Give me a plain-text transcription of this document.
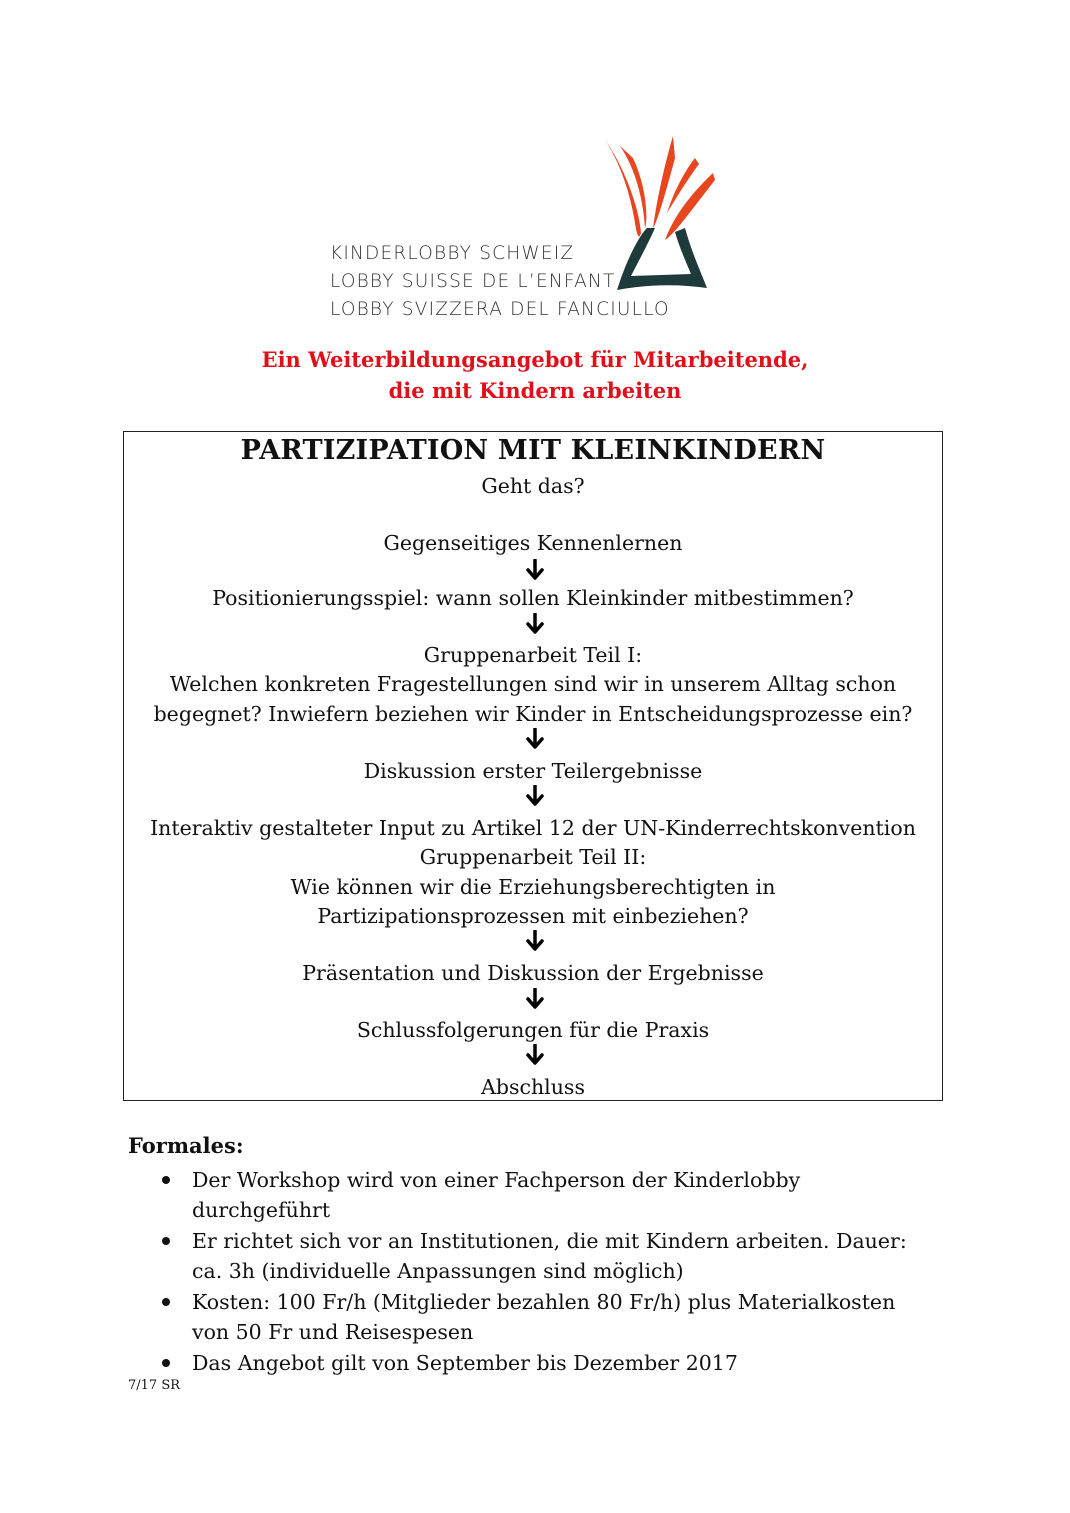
KINDERLOBBY SCHWEIZ
LOBBY SUISSE DE L’ENFANT
LOBBY SVIZZERA DEL FANCIULLO
Ein Weiterbildungsangebot für Mitarbeitende,
die mit Kindern arbeiten
PARTIZIPATION MIT KLEINKINDERN
Geht das?
Gegenseitiges Kennenlernen
Positionierungsspiel: wann sollen Kleinkinder mitbestimmen?
Gruppenarbeit Teil I:
Welchen konkreten Fragestellungen sind wir in unserem Alltag schon
begegnet? Inwiefern beziehen wir Kinder in Entscheidungsprozesse ein?
Diskussion erster Teilergebnisse
Interaktiv gestalteter Input zu Artikel 12 der UN-Kinderrechtskonvention
Gruppenarbeit Teil II:
Wie können wir die Erziehungsberechtigten in
Partizipationsprozessen mit einbeziehen?
Präsentation und Diskussion der Ergebnisse
Schlussfolgerungen für die Praxis
Abschluss
Formales:
Der Workshop wird von einer Fachperson der Kinderlobby
durchgeführt
Er richtet sich vor an Institutionen, die mit Kindern arbeiten. Dauer:
ca. 3h (individuelle Anpassungen sind möglich)
Kosten: 100 Fr/h (Mitglieder bezahlen 80 Fr/h) plus Materialkosten
von 50 Fr und Reisespesen
Das Angebot gilt von September bis Dezember 2017
7/17 SR
